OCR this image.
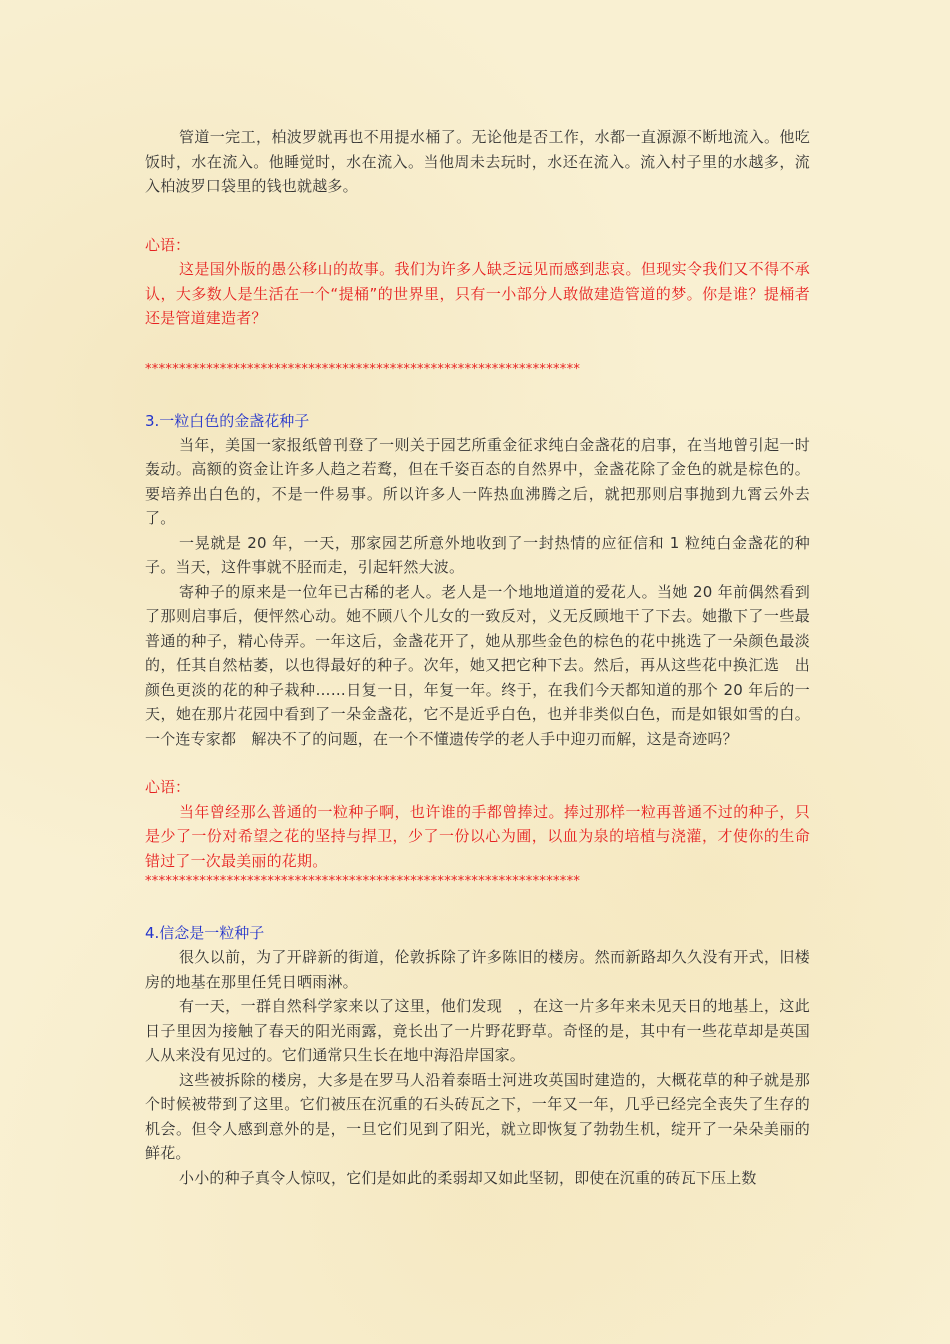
管道一完工，柏波罗就再也不用提水桶了。无论他是否工作，水都一直源源不断地流入。他吃饭时，水在流入。他睡觉时，水在流入。当他周未去玩时，水还在流入。流入村子里的水越多，流入柏波罗口袋里的钱也就越多。

心语：

这是国外版的愚公移山的故事。我们为许多人缺乏远见而感到悲哀。但现实令我们又不得不承认，大多数人是生活在一个“提桶”的世界里，只有一小部分人敢做建造管道的梦。你是谁？提桶者还是管道建造者？

****************************************************************
3.一粒白色的金盏花种子

当年，美国一家报纸曾刊登了一则关于园艺所重金征求纯白金盏花的启事，在当地曾引起一时轰动。高额的资金让许多人趋之若鹜，但在千姿百态的自然界中，金盏花除了金色的就是棕色的。要培养出白色的，不是一件易事。所以许多人一阵热血沸腾之后，就把那则启事抛到九霄云外去了。

一晃就是 20 年，一天，那家园艺所意外地收到了一封热情的应征信和 1 粒纯白金盏花的种子。当天，这件事就不胫而走，引起轩然大波。

寄种子的原来是一位年已古稀的老人。老人是一个地地道道的爱花人。当她 20 年前偶然看到了那则启事后，便怦然心动。她不顾八个儿女的一致反对，义无反顾地干了下去。她撒下了一些最普通的种子，精心侍弄。一年这后，金盏花开了，她从那些金色的棕色的花中挑选了一朵颜色最淡的，任其自然枯萎，以也得最好的种子。次年，她又把它种下去。然后，再从这些花中换汇选　出颜色更淡的花的种子栽种……日复一日，年复一年。终于，在我们今天都知道的那个 20 年后的一天，她在那片花园中看到了一朵金盏花，它不是近乎白色，也并非类似白色，而是如银如雪的白。一个连专家都　解决不了的问题，在一个不懂遗传学的老人手中迎刃而解，这是奇迹吗？

心语：

当年曾经那么普通的一粒种子啊，也许谁的手都曾捧过。捧过那样一粒再普通不过的种子，只是少了一份对希望之花的坚持与捍卫，少了一份以心为圃，以血为泉的培植与浇灌，才使你的生命错过了一次最美丽的花期。

****************************************************************
4.信念是一粒种子

很久以前，为了开辟新的街道，伦敦拆除了许多陈旧的楼房。然而新路却久久没有开式，旧楼房的地基在那里任凭日晒雨淋。

有一天，一群自然科学家来以了这里，他们发现　，在这一片多年来未见天日的地基上，这此日子里因为接触了春天的阳光雨露，竟长出了一片野花野草。奇怪的是，其中有一些花草却是英国人从来没有见过的。它们通常只生长在地中海沿岸国家。

这些被拆除的楼房，大多是在罗马人沿着泰晤士河进攻英国时建造的，大概花草的种子就是那个时候被带到了这里。它们被压在沉重的石头砖瓦之下，一年又一年，几乎已经完全丧失了生存的机会。但令人感到意外的是，一旦它们见到了阳光，就立即恢复了勃勃生机，绽开了一朵朵美丽的鲜花。

小小的种子真令人惊叹，它们是如此的柔弱却又如此坚韧，即使在沉重的砖瓦下压上数
